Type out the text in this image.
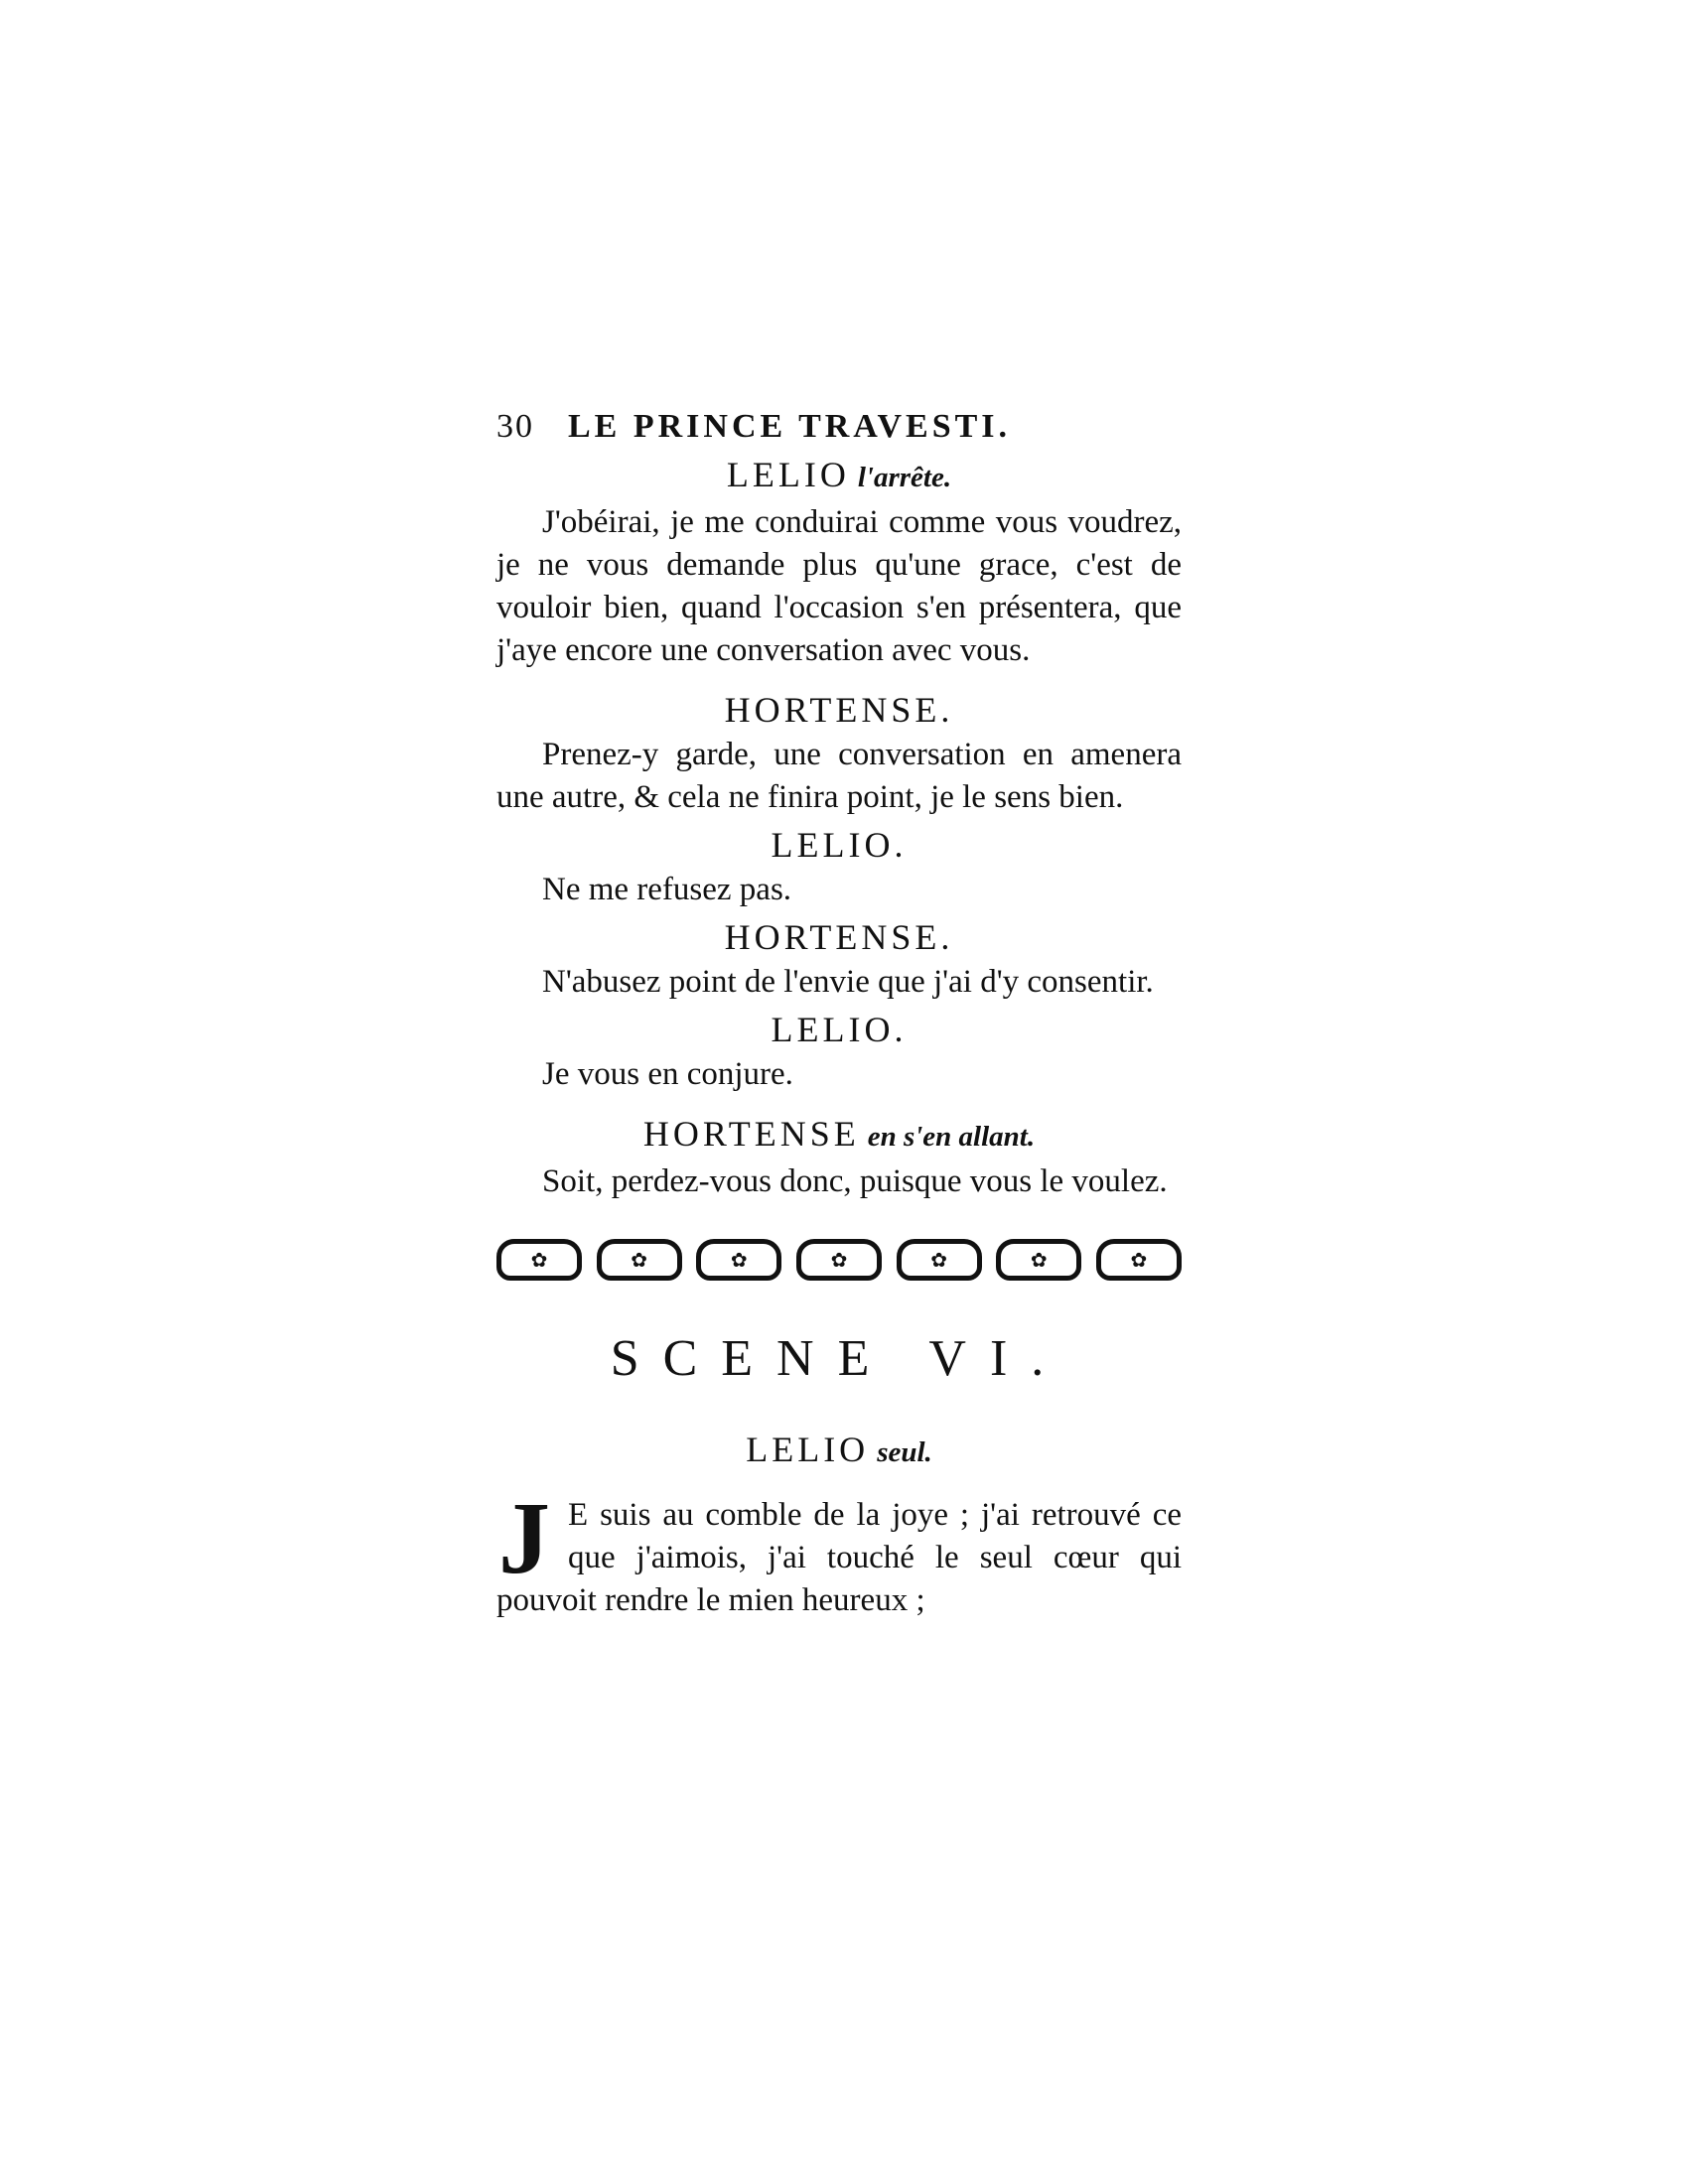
30 LE PRINCE TRAVESTI.
LELIO l'arrête.

J'obéirai, je me conduirai comme vous voudrez, je ne vous demande plus qu'une grace, c'est de vouloir bien, quand l'occasion s'en présentera, que j'aye encore une conversation avec vous.

HORTENSE.

Prenez-y garde, une conversation en amenera une autre, & cela ne finira point, je le sens bien.

LELIO.

Ne me refusez pas.

HORTENSE.

N'abusez point de l'envie que j'ai d'y consentir.

LELIO.

Je vous en conjure.

HORTENSE en s'en allant.

Soit, perdez-vous donc, puisque vous le voulez.

✿	✿	✿	✿	✿	✿	✿
SCENE VI.
LELIO seul.

J E suis au comble de la joye ; j'ai retrouvé ce que j'aimois, j'ai touché le seul cœur qui pouvoit rendre le mien heureux ;
